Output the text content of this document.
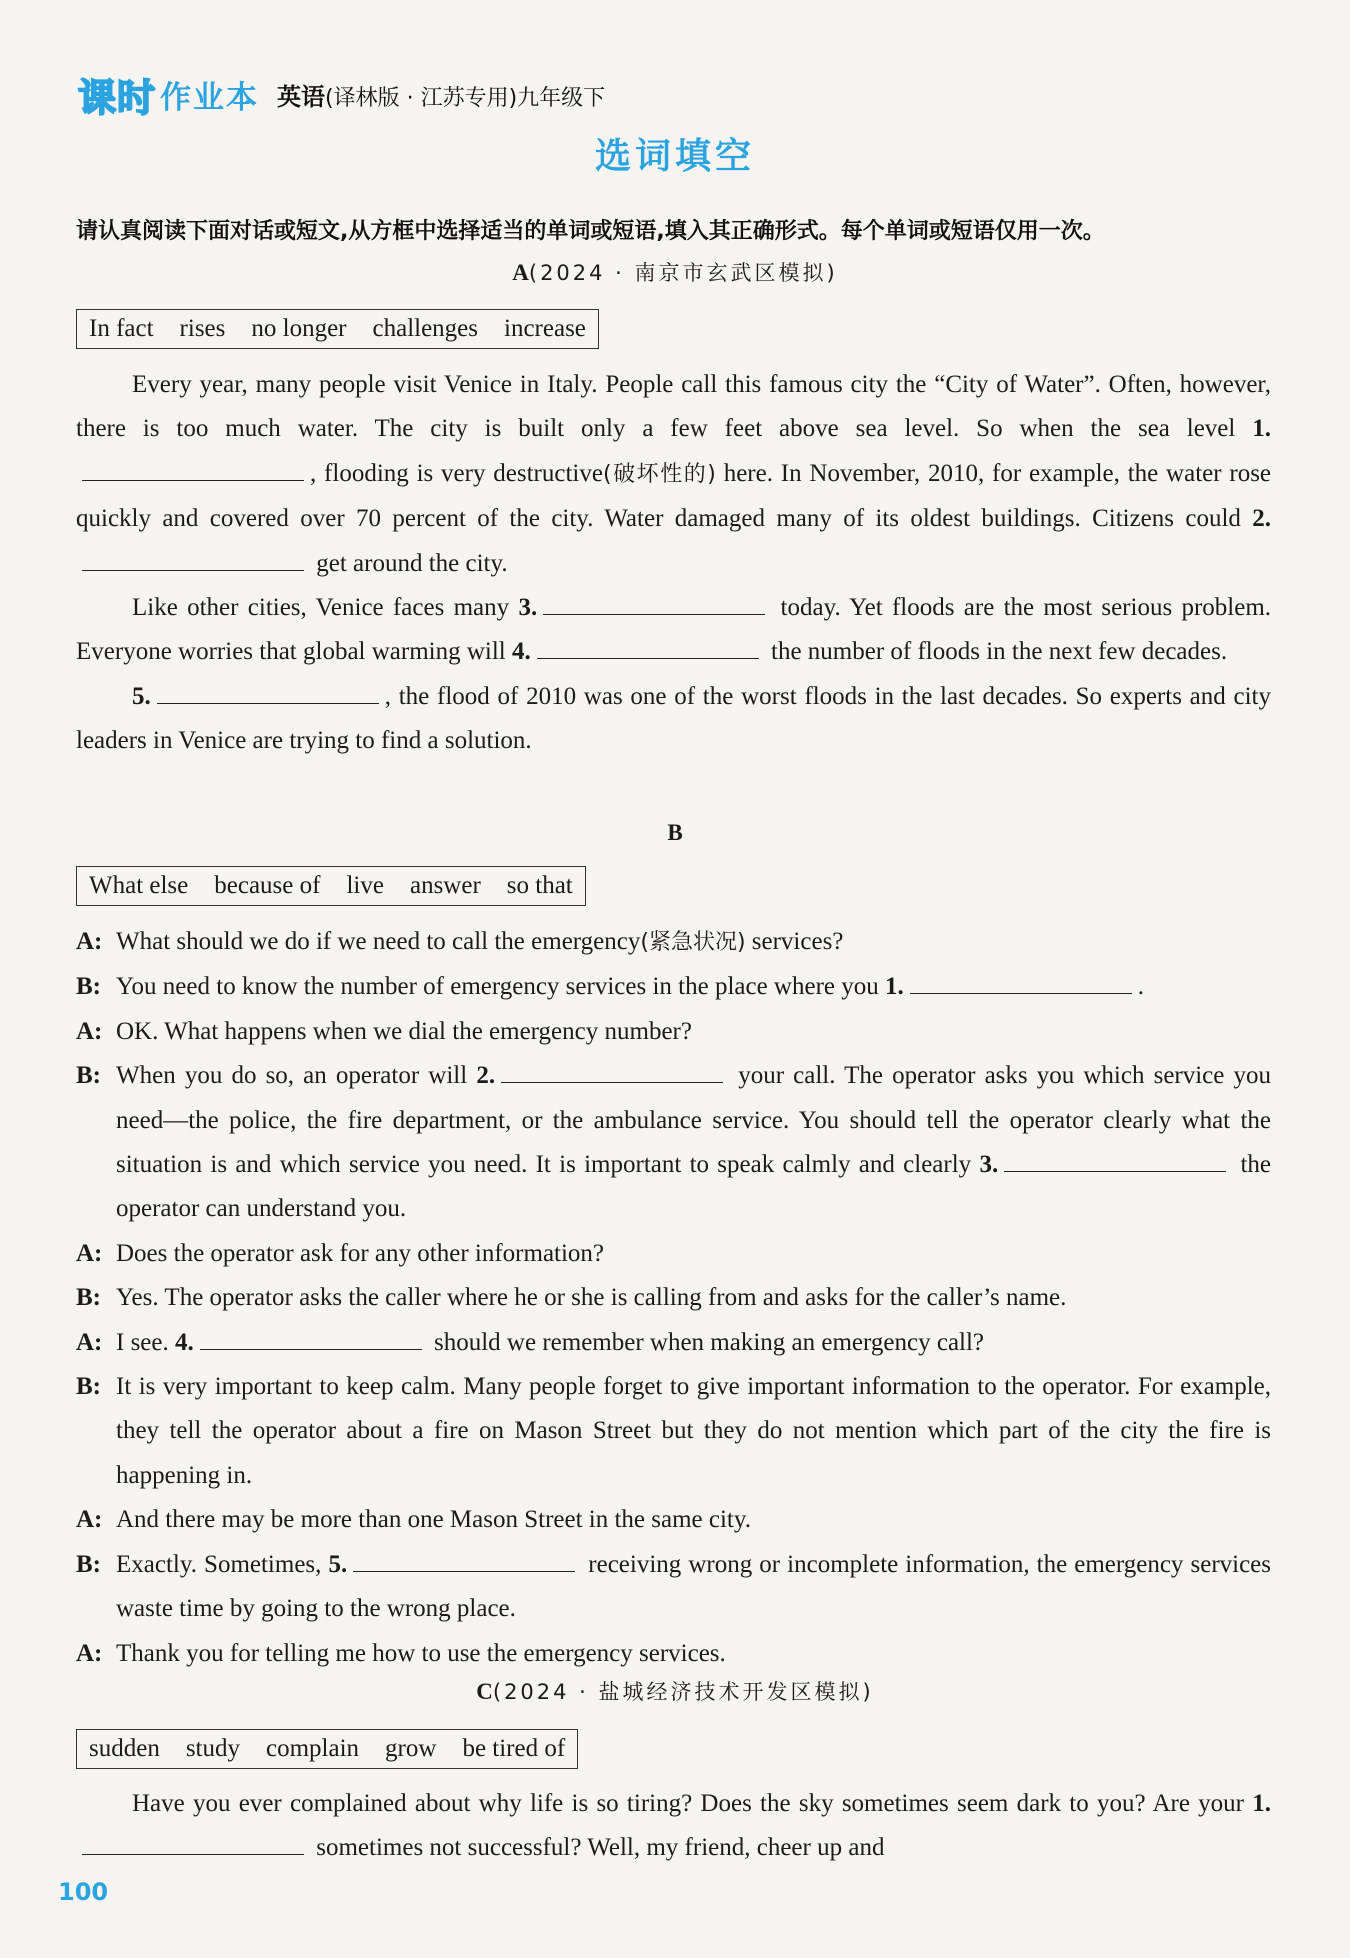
课时 作业本 英语(译林版 · 江苏专用)九年级下
选词填空
请认真阅读下面对话或短文,从方框中选择适当的单词或短语,填入其正确形式。每个单词或短语仅用一次。
A(2024 · 南京市玄武区模拟)
In fact rises no longer challenges increase

Every year, many people visit Venice in Italy. People call this famous city the “City of Water”. Often, however, there is too much water. The city is built only a few feet above sea level. So when the sea level 1., flooding is very destructive(破坏性的) here. In November, 2010, for example, the water rose quickly and covered over 70 percent of the city. Water damaged many of its oldest buildings. Citizens could 2. get around the city.

Like other cities, Venice faces many 3.	today. Yet floods are the most serious problem. Everyone worries that global warming will 4.	the number of floods in the next few decades.

5.	, the flood of 2010 was one of the worst floods in the last decades. So experts and city leaders in Venice are trying to find a solution.

B
What else because of live answer so that
A: What should we do if we need to call the emergency(紧急状况) services?
B: You need to know the number of emergency services in the place where you 1.	.
A: OK. What happens when we dial the emergency number?
B: When you do so, an operator will 2.	your call. The operator asks you which service you need—the police, the fire department, or the ambulance service. You should tell the operator clearly what the situation is and which service you need. It is important to speak calmly and clearly 3.	the operator can understand you.
A: Does the operator ask for any other information?
B: Yes. The operator asks the caller where he or she is calling from and asks for the caller’s name.
A: I see. 4.	should we remember when making an emergency call?
B: It is very important to keep calm. Many people forget to give important information to the operator. For example, they tell the operator about a fire on Mason Street but they do not mention which part of the city the fire is happening in.
A: And there may be more than one Mason Street in the same city.
B: Exactly. Sometimes, 5.	receiving wrong or incomplete information, the emergency services waste time by going to the wrong place.
A: Thank you for telling me how to use the emergency services.
C(2024 · 盐城经济技术开发区模拟)
sudden study complain grow be tired of

Have you ever complained about why life is so tiring? Does the sky sometimes seem dark to you? Are your 1. sometimes not successful? Well, my friend, cheer up and

100
